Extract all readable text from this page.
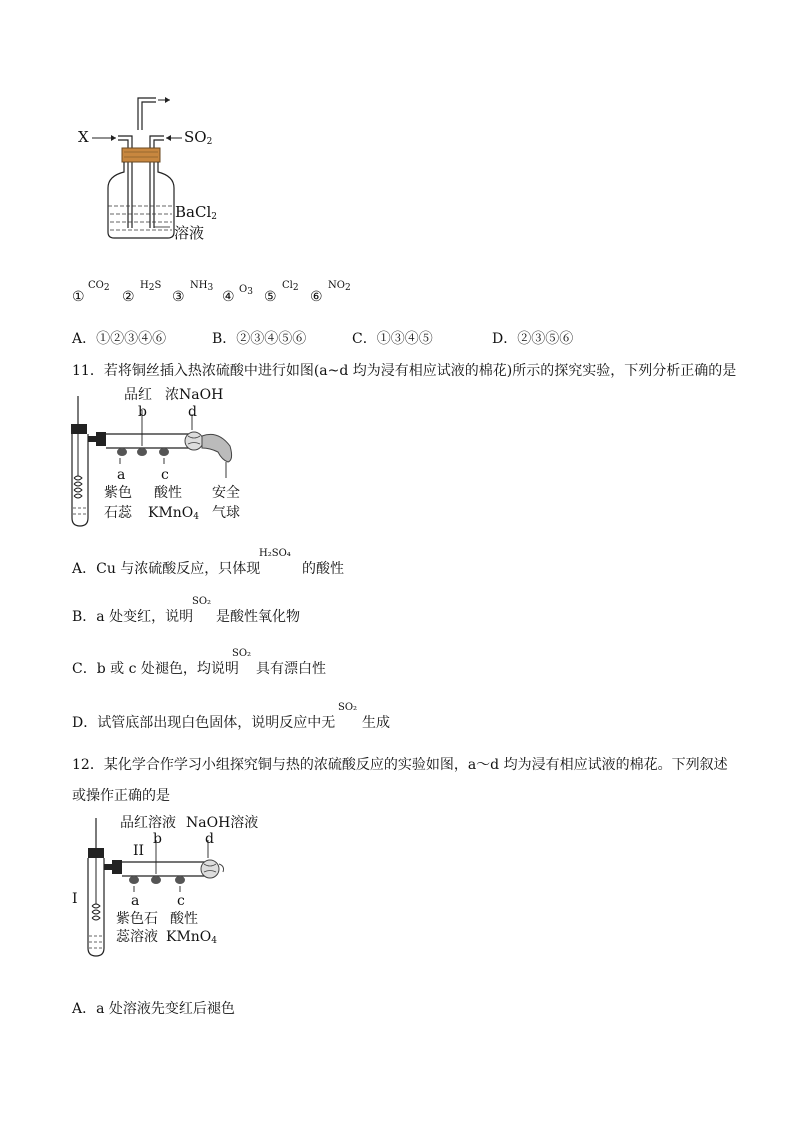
X	$SO_2$
BaCl$_2$
溶液
①
CO2
②
H2S
③
NH3
④ O3 ⑤
Cl2
⑥
NO2
A．①②③④⑥	B．②③④⑤⑥	C．①③④⑤	D．②③⑤⑥
11．若将铜丝插入热浓硫酸中进行如图(a~d 均为浸有相应试液的棉花)所示的探究实验，下列分析正确的是
品红 浓NaOH
b	d
a	c
紫色
石蕊
酸性
KMnO$_4$
安全
气球
A．Cu 与浓硫酸反应，只体现
H₂SO₄
的酸性
B．a 处变红，说明
SO₂
是酸性氧化物
C．b 或 c 处褪色，均说明
SO₂
具有漂白性
D．试管底部出现白色固体，说明反应中无
SO₂
生成
12．某化学合作学习小组探究铜与热的浓硫酸反应的实验如图，a～d 均为浸有相应试液的棉花。下列叙述
或操作正确的是
品红溶液 NaOH溶液
b	d
II
I	a	c
紫色石
蕊溶液
酸性
KMnO$_4$
A．a 处溶液先变红后褪色
